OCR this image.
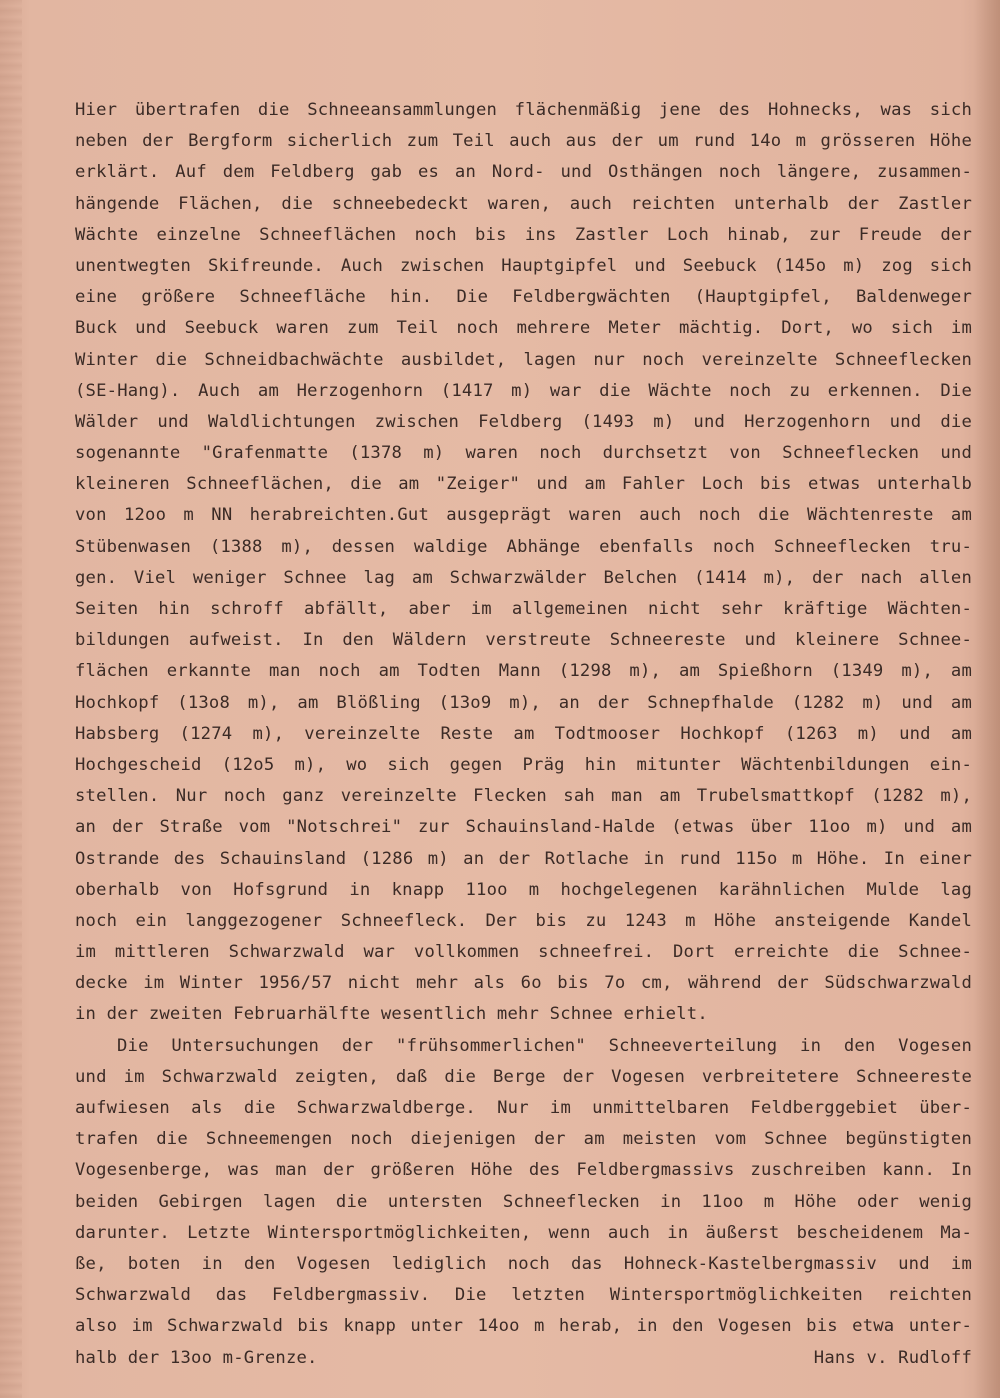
Hier übertrafen die Schneeansammlungen flächenmäßig jene des Hohnecks, was sich
neben der Bergform sicherlich zum Teil auch aus der um rund 14o m grösseren Höhe
erklärt. Auf dem Feldberg gab es an Nord- und Osthängen noch längere, zusammen-
hängende Flächen, die schneebedeckt waren, auch reichten unterhalb der Zastler
Wächte einzelne Schneeflächen noch bis ins Zastler Loch hinab, zur Freude der
unentwegten Skifreunde. Auch zwischen Hauptgipfel und Seebuck (145o m) zog sich
eine größere Schneefläche hin. Die Feldbergwächten (Hauptgipfel, Baldenweger
Buck und Seebuck waren zum Teil noch mehrere Meter mächtig. Dort, wo sich im
Winter die Schneidbachwächte ausbildet, lagen nur noch vereinzelte Schneeflecken
(SE-Hang). Auch am Herzogenhorn (1417 m) war die Wächte noch zu erkennen. Die
Wälder und Waldlichtungen zwischen Feldberg (1493 m) und Herzogenhorn und die
sogenannte "Grafenmatte (1378 m) waren noch durchsetzt von Schneeflecken und
kleineren Schneeflächen, die am "Zeiger" und am Fahler Loch bis etwas unterhalb
von 12oo m NN herabreichten.Gut ausgeprägt waren auch noch die Wächtenreste am
Stübenwasen (1388 m), dessen waldige Abhänge ebenfalls noch Schneeflecken tru-
gen. Viel weniger Schnee lag am Schwarzwälder Belchen (1414 m), der nach allen
Seiten hin schroff abfällt, aber im allgemeinen nicht sehr kräftige Wächten-
bildungen aufweist. In den Wäldern verstreute Schneereste und kleinere Schnee-
flächen erkannte man noch am Todten Mann (1298 m), am Spießhorn (1349 m), am
Hochkopf (13o8 m), am Blößling (13o9 m), an der Schnepfhalde (1282 m) und am
Habsberg (1274 m), vereinzelte Reste am Todtmooser Hochkopf (1263 m) und am
Hochgescheid (12o5 m), wo sich gegen Präg hin mitunter Wächtenbildungen ein-
stellen. Nur noch ganz vereinzelte Flecken sah man am Trubelsmattkopf (1282 m),
an der Straße vom "Notschrei" zur Schauinsland-Halde (etwas über 11oo m) und am
Ostrande des Schauinsland (1286 m) an der Rotlache in rund 115o m Höhe. In einer
oberhalb von Hofsgrund in knapp 11oo m hochgelegenen karähnlichen Mulde lag
noch ein langgezogener Schneefleck. Der bis zu 1243 m Höhe ansteigende Kandel
im mittleren Schwarzwald war vollkommen schneefrei. Dort erreichte die Schnee-
decke im Winter 1956/57 nicht mehr als 6o bis 7o cm, während der Südschwarzwald
in der zweiten Februarhälfte wesentlich mehr Schnee erhielt.
Die Untersuchungen der "frühsommerlichen" Schneeverteilung in den Vogesen
und im Schwarzwald zeigten, daß die Berge der Vogesen verbreitetere Schneereste
aufwiesen als die Schwarzwaldberge. Nur im unmittelbaren Feldberggebiet über-
trafen die Schneemengen noch diejenigen der am meisten vom Schnee begünstigten
Vogesenberge, was man der größeren Höhe des Feldbergmassivs zuschreiben kann. In
beiden Gebirgen lagen die untersten Schneeflecken in 11oo m Höhe oder wenig
darunter. Letzte Wintersportmöglichkeiten, wenn auch in äußerst bescheidenem Ma-
ße, boten in den Vogesen lediglich noch das Hohneck-Kastelbergmassiv und im
Schwarzwald das Feldbergmassiv. Die letzten Wintersportmöglichkeiten reichten
also im Schwarzwald bis knapp unter 14oo m herab, in den Vogesen bis etwa unter-
halb der 13oo m-Grenze.	Hans v. Rudloff
